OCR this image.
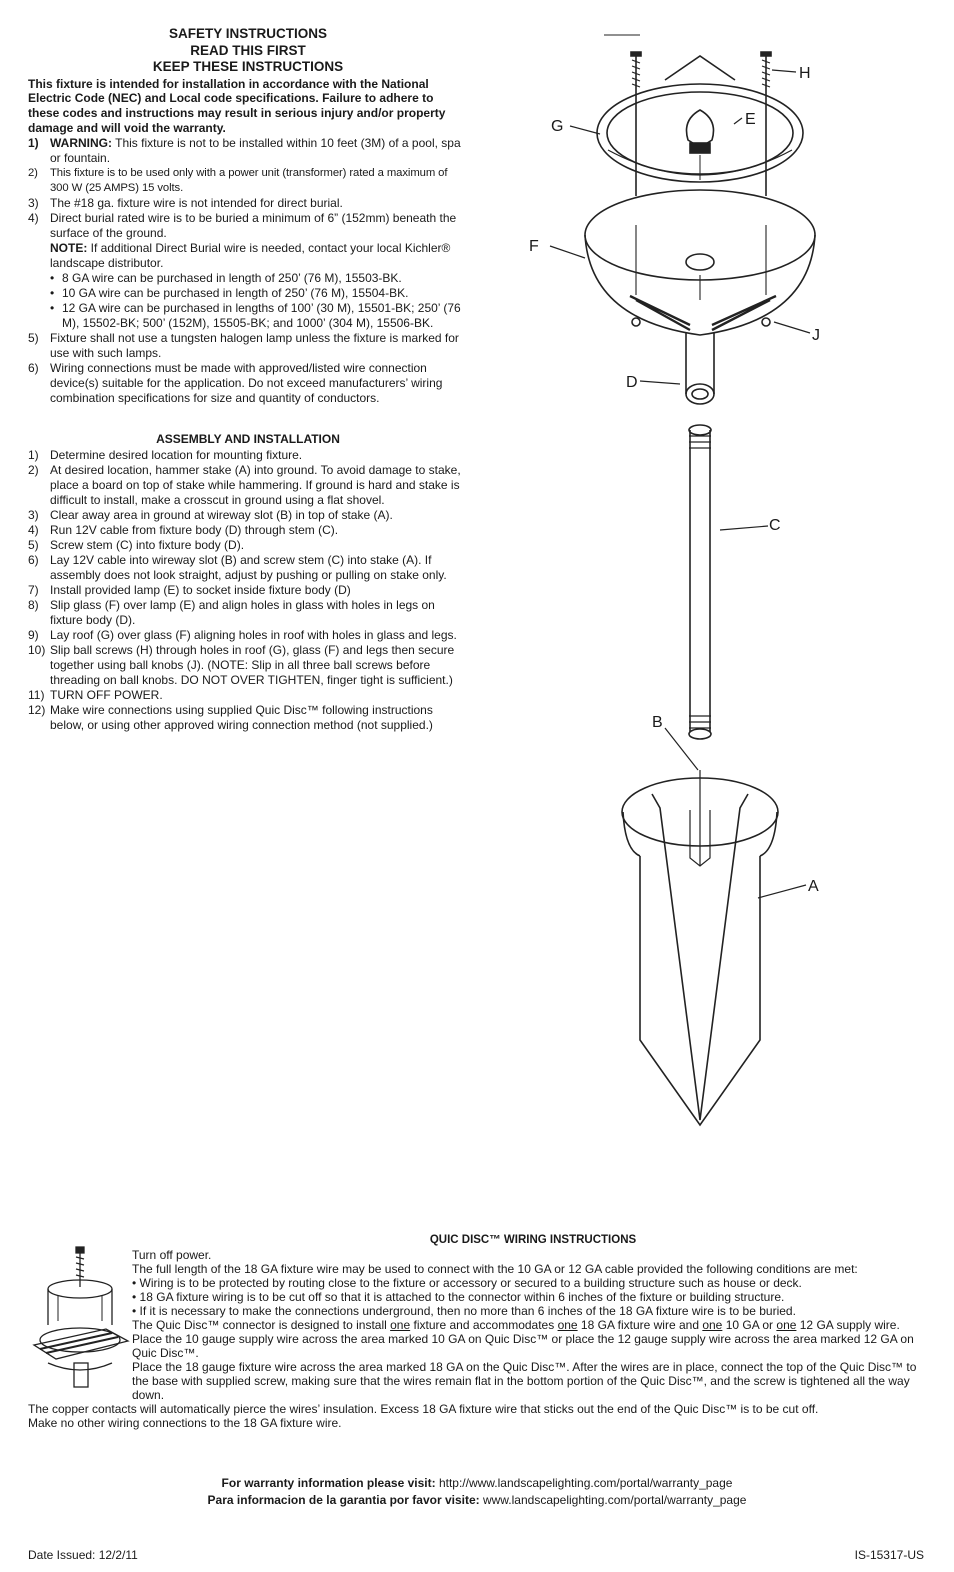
SAFETY INSTRUCTIONS
READ THIS FIRST
KEEP THESE INSTRUCTIONS
This fixture is intended for installation in accordance with the National Electric Code (NEC) and Local code specifications. Failure to adhere to these codes and instructions may result in serious injury and/or property damage and will void the warranty.
1) WARNING: This fixture is not to be installed within 10 feet (3M) of a pool, spa or fountain.
2) This fixture is to be used only with a power unit (transformer) rated a maximum of 300 W (25 AMPS) 15 volts.
3) The #18 ga. fixture wire is not intended for direct burial.
4) Direct burial rated wire is to be buried a minimum of 6” (152mm) beneath the surface of the ground.
NOTE: If additional Direct Burial wire is needed, contact your local Kichler® landscape distributor.
• 8 GA wire can be purchased in length of 250’ (76 M), 15503-BK.
• 10 GA wire can be purchased in length of 250’ (76 M), 15504-BK.
• 12 GA wire can be purchased in lengths of 100’ (30 M), 15501-BK; 250’ (76 M), 15502-BK; 500’ (152M), 15505-BK; and 1000’ (304 M), 15506-BK.
5) Fixture shall not use a tungsten halogen lamp unless the fixture is marked for use with such lamps.
6) Wiring connections must be made with approved/listed wire connection device(s) suitable for the application. Do not exceed manufacturers’ wiring combination specifications for size and quantity of conductors.
ASSEMBLY AND INSTALLATION
1) Determine desired location for mounting fixture.
2) At desired location, hammer stake (A) into ground. To avoid damage to stake, place a board on top of stake while hammering. If ground is hard and stake is difficult to install, make a crosscut in ground using a flat shovel.
3) Clear away area in ground at wireway slot (B) in top of stake (A).
4) Run 12V cable from fixture body (D) through stem (C).
5) Screw stem (C) into fixture body (D).
6) Lay 12V cable into wireway slot (B) and screw stem (C) into stake (A). If assembly does not look straight, adjust by pushing or pulling on stake only.
7) Install provided lamp (E) to socket inside fixture body (D)
8) Slip glass (F) over lamp (E) and align holes in glass with holes in legs on fixture body (D).
9) Lay roof (G) over glass (F) aligning holes in roof with holes in glass and legs.
10) Slip ball screws (H) through holes in roof (G), glass (F) and legs then secure together using ball knobs (J). (NOTE: Slip in all three ball screws before threading on ball knobs. DO NOT OVER TIGHTEN, finger tight is sufficient.)
11) TURN OFF POWER.
12) Make wire connections using supplied Quic Disc™ following instructions below, or using other approved wiring connection method (not supplied.)
H
G	E
F
J
D
C
B
A
QUIC DISC™ WIRING INSTRUCTIONS
Turn off power.
The full length of the 18 GA fixture wire may be used to connect with the 10 GA or 12 GA cable provided the following conditions are met:
• Wiring is to be protected by routing close to the fixture or accessory or secured to a building structure such as house or deck.
• 18 GA fixture wiring is to be cut off so that it is attached to the connector within 6 inches of the fixture or building structure.
• If it is necessary to make the connections underground, then no more than 6 inches of the 18 GA fixture wire is to be buried.
The Quic Disc™ connector is designed to install one fixture and accommodates one 18 GA fixture wire and one 10 GA or one 12 GA supply wire. Place the 10 gauge supply wire across the area marked 10 GA on Quic Disc™ or place the 12 gauge supply wire across the area marked 12 GA on Quic Disc™.
Place the 18 gauge fixture wire across the area marked 18 GA on the Quic Disc™. After the wires are in place, connect the top of the Quic Disc™ to the base with supplied screw, making sure that the wires remain flat in the bottom portion of the Quic Disc™, and the screw is tightened all the way down.
The copper contacts will automatically pierce the wires’ insulation. Excess 18 GA fixture wire that sticks out the end of the Quic Disc™ is to be cut off.
Make no other wiring connections to the 18 GA fixture wire.
For warranty information please visit: http://www.landscapelighting.com/portal/warranty_page
Para informacion de la garantia por favor visite: www.landscapelighting.com/portal/warranty_page
Date Issued: 12/2/11	IS-15317-US
